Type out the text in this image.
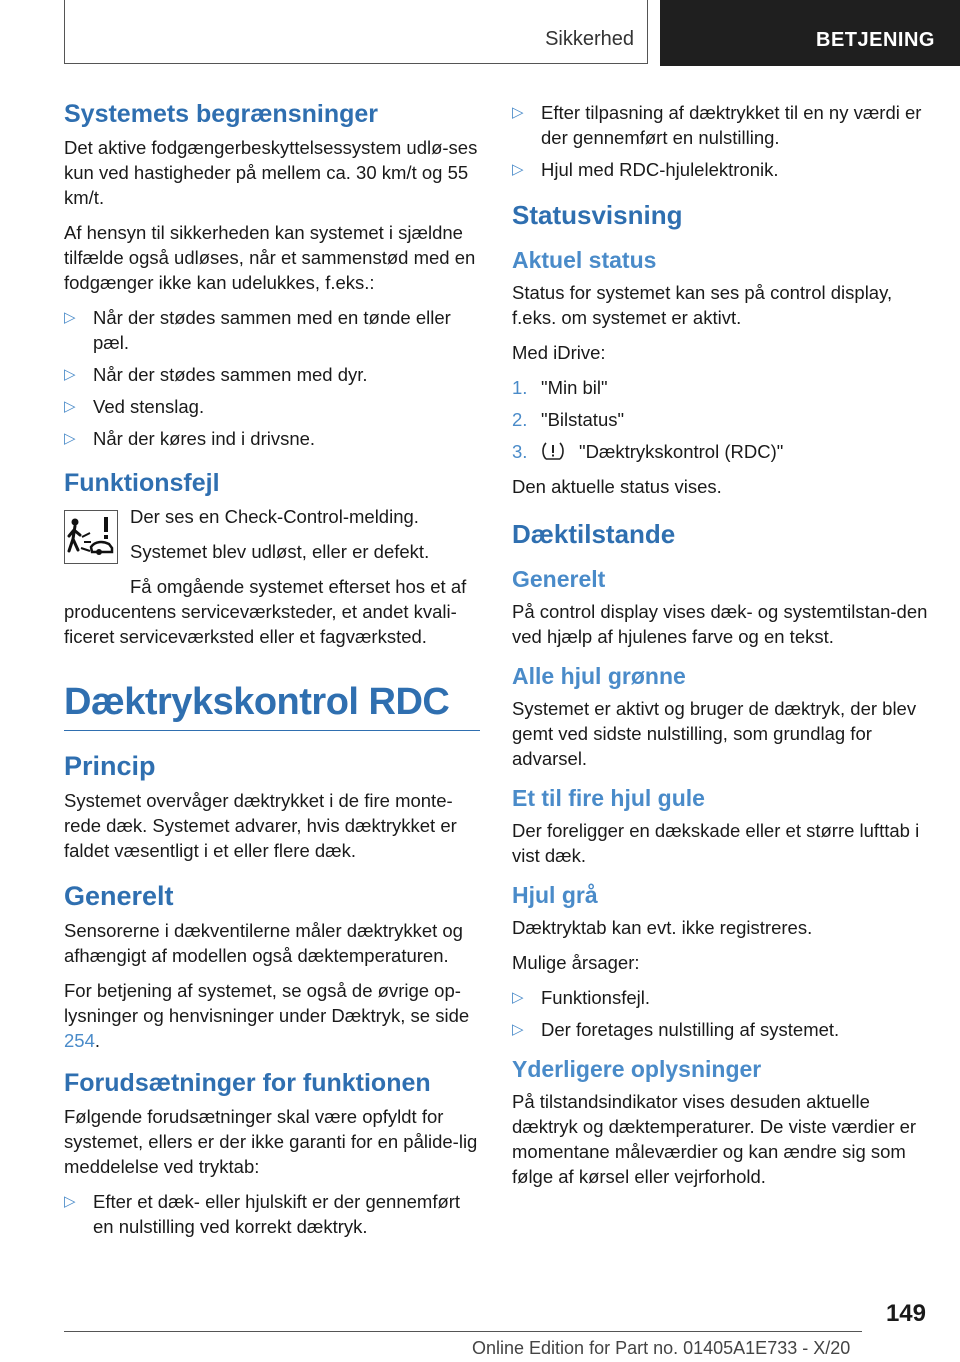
Sikkerhed	BETJENING
Systemets begrænsninger

Det aktive fodgængerbeskyttelsessystem udlø-ses kun ved hastigheder på mellem ca. 30 km/t og 55 km/t.

Af hensyn til sikkerheden kan systemet i sjældne tilfælde også udløses, når et sammenstød med en fodgænger ikke kan udelukkes, f.eks.:

▷ Når der stødes sammen med en tønde eller pæl.
▷ Når der stødes sammen med dyr.
▷ Ved stenslag.
▷ Når der køres ind i drivsne.
Funktionsfejl

Der ses en Check-Control-melding.

Systemet blev udløst, eller er defekt.

Få omgående systemet efterset hos et af producentens serviceværksteder, et andet kvali-ficeret serviceværksted eller et fagværksted.

Dæktrykskontrol RDC
Princip

Systemet overvåger dæktrykket i de fire monte-rede dæk. Systemet advarer, hvis dæktrykket er faldet væsentligt i et eller flere dæk.

Generelt

Sensorerne i dækventilerne måler dæktrykket og afhængigt af modellen også dæktemperaturen.

For betjening af systemet, se også de øvrige op-lysninger og henvisninger under Dæktryk, se side 254.

Forudsætninger for funktionen

Følgende forudsætninger skal være opfyldt for systemet, ellers er der ikke garanti for en pålide-lig meddelelse ved tryktab:

▷ Efter et dæk- eller hjulskift er der gennemført en nulstilling ved korrekt dæktryk.
▷ Efter tilpasning af dæktrykket til en ny værdi er der gennemført en nulstilling.
▷ Hjul med RDC-hjulelektronik.
Statusvisning
Aktuel status

Status for systemet kan ses på control display, f.eks. om systemet er aktivt.

Med iDrive:

1. "Min bil"
2. "Bilstatus"
3.	"Dæktrykskontrol (RDC)"

Den aktuelle status vises.

Dæktilstande
Generelt

På control display vises dæk- og systemtilstan-den ved hjælp af hjulenes farve og en tekst.

Alle hjul grønne

Systemet er aktivt og bruger de dæktryk, der blev gemt ved sidste nulstilling, som grundlag for advarsel.

Et til fire hjul gule

Der foreligger en dækskade eller et større lufttab i vist dæk.

Hjul grå

Dæktryktab kan evt. ikke registreres.

Mulige årsager:

▷ Funktionsfejl.
▷ Der foretages nulstilling af systemet.
Yderligere oplysninger

På tilstandsindikator vises desuden aktuelle dæktryk og dæktemperaturer. De viste værdier er momentane måleværdier og kan ændre sig som følge af kørsel eller vejrforhold.

149
Online Edition for Part no. 01405A1E733 - X/20
